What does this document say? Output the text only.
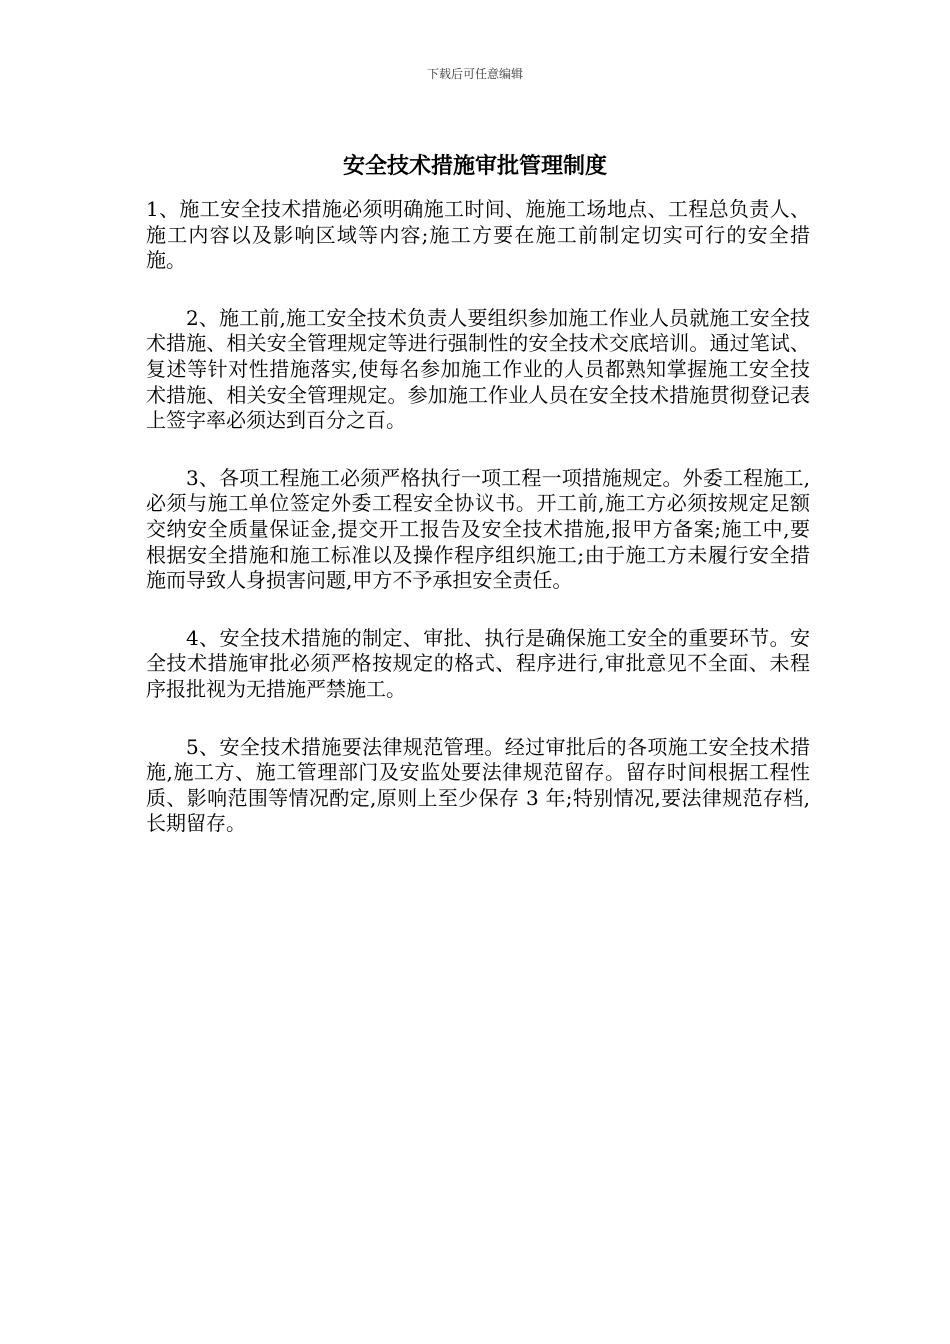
下载后可任意编辑
安全技术措施审批管理制度

1、施工安全技术措施必须明确施工时间、施施工场地点、工程总负责人、施工内容以及影响区域等内容;施工方要在施工前制定切实可行的安全措施。

2、施工前,施工安全技术负责人要组织参加施工作业人员就施工安全技术措施、相关安全管理规定等进行强制性的安全技术交底培训。通过笔试、复述等针对性措施落实,使每名参加施工作业的人员都熟知掌握施工安全技术措施、相关安全管理规定。参加施工作业人员在安全技术措施贯彻登记表上签字率必须达到百分之百。

3、各项工程施工必须严格执行一项工程一项措施规定。外委工程施工,必须与施工单位签定外委工程安全协议书。开工前,施工方必须按规定足额交纳安全质量保证金,提交开工报告及安全技术措施,报甲方备案;施工中,要根据安全措施和施工标准以及操作程序组织施工;由于施工方未履行安全措施而导致人身损害问题,甲方不予承担安全责任。

4、安全技术措施的制定、审批、执行是确保施工安全的重要环节。安全技术措施审批必须严格按规定的格式、程序进行,审批意见不全面、未程序报批视为无措施严禁施工。

5、安全技术措施要法律规范管理。经过审批后的各项施工安全技术措施,施工方、施工管理部门及安监处要法律规范留存。留存时间根据工程性质、影响范围等情况酌定,原则上至少保存 3 年;特别情况,要法律规范存档,长期留存。
